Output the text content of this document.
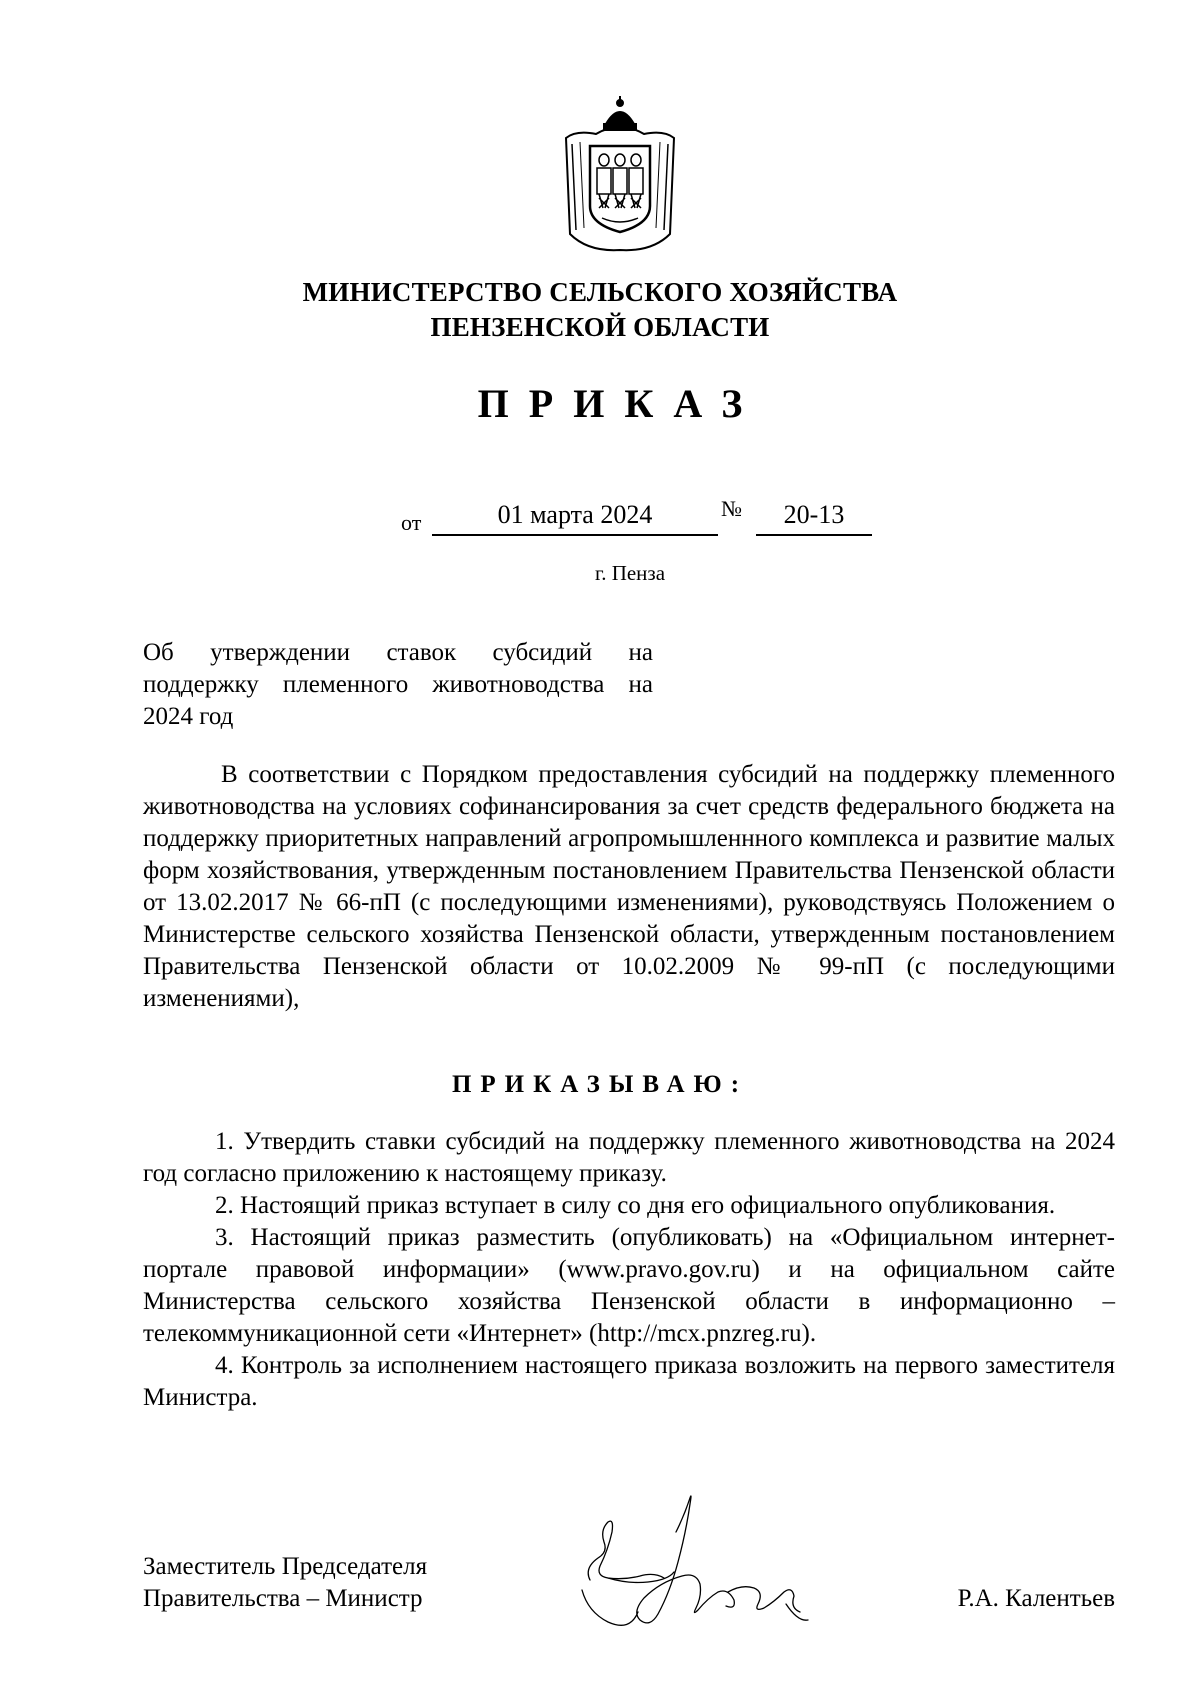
МИНИСТЕРСТВО СЕЛЬСКОГО ХОЗЯЙСТВА
ПЕНЗЕНСКОЙ ОБЛАСТИ
ПРИКАЗ
от	01 марта 2024	№	20-13
г. Пенза
Об утверждении ставок субсидий на поддержку племенного животноводства на 2024 год

В соответствии с Порядком предоставления субсидий на поддержку племенного животноводства на условиях софинансирования за счет средств федерального бюджета на поддержку приоритетных направлений агропромышленнного комплекса и развитие малых форм хозяйствования, утвержденным постановлением Правительства Пензенской области от 13.02.2017 № 66-пП (с последующими изменениями), руководствуясь Положением о Министерстве сельского хозяйства Пензенской области, утвержденным постановлением Правительства Пензенской области от 10.02.2009 № 99-пП (с последующими изменениями),

ПРИКАЗЫВАЮ:
1. Утвердить ставки субсидий на поддержку племенного животноводства на 2024 год согласно приложению к настоящему приказу.
2. Настоящий приказ вступает в силу со дня его официального опубликования.
3. Настоящий приказ разместить (опубликовать) на «Официальном интернет-портале правовой информации» (www.pravo.gov.ru) и на официальном сайте Министерства сельского хозяйства Пензенской области в информационно – телекоммуникационной сети «Интернет» (http://mcx.pnzreg.ru).
4. Контроль за исполнением настоящего приказа возложить на первого заместителя Министра.
Заместитель Председателя
Правительства – Министр	Р.А. Калентьев
